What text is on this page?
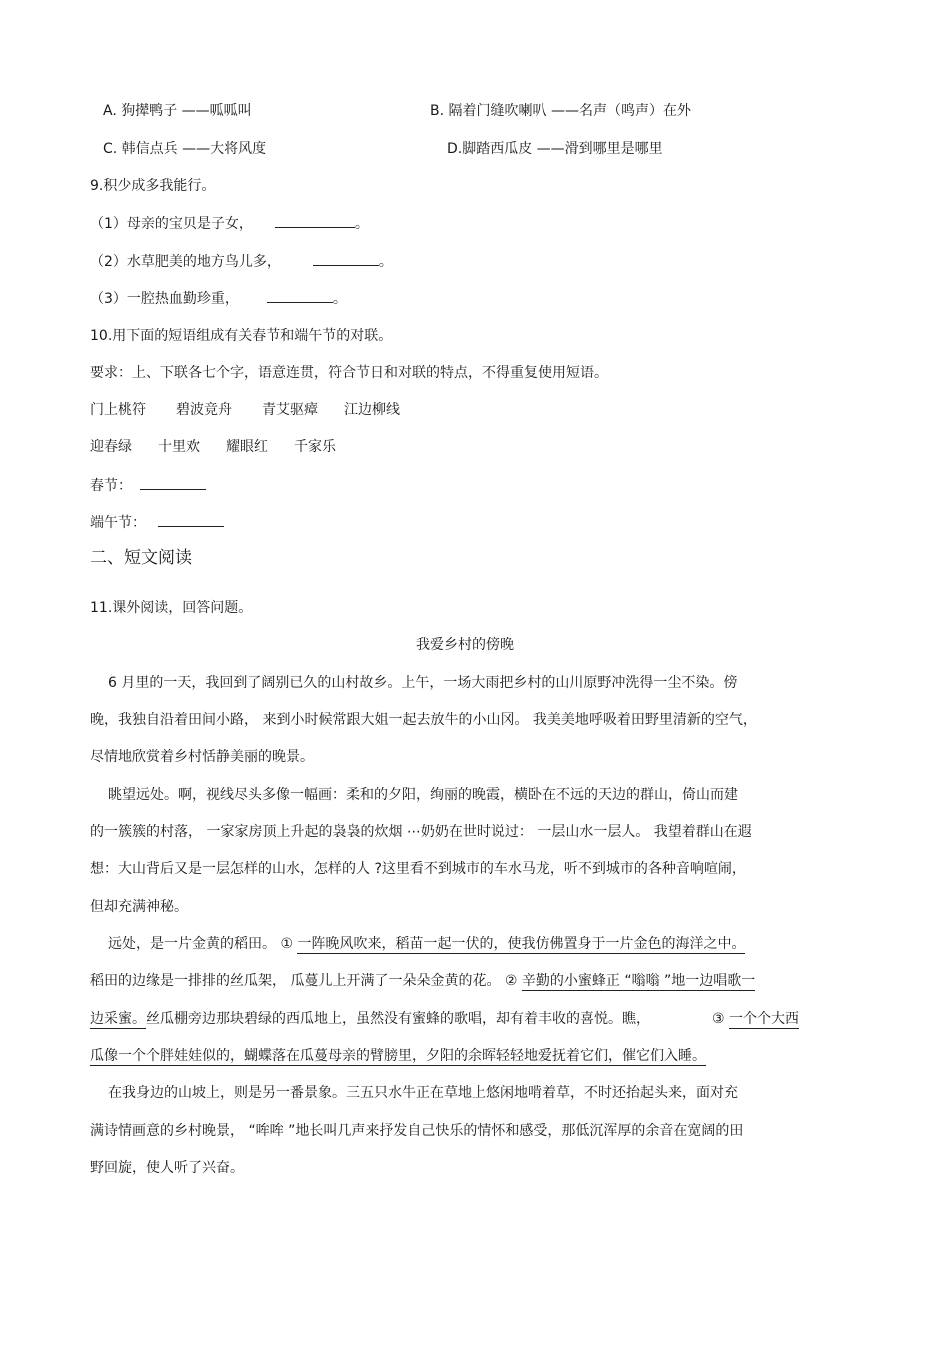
A. 狗撵鸭子 ——呱呱叫	B. 隔着门缝吹喇叭 ——名声（鸣声）在外
C. 韩信点兵 ——大将风度	D.脚踏西瓜皮 ——滑到哪里是哪里
9.积少成多我能行。
（1）母亲的宝贝是子女，	。
（2）水草肥美的地方鸟儿多，	。
（3）一腔热血勤珍重，	。
10.用下面的短语组成有关春节和端午节的对联。
要求：上、下联各七个字，语意连贯，符合节日和对联的特点，不得重复使用短语。
门上桃符 碧波竞舟 青艾驱瘴 江边柳线
迎春绿 十里欢 耀眼红 千家乐
春节：
端午节：
二、短文阅读
11.课外阅读，回答问题。
我爱乡村的傍晚
6 月里的一天，我回到了阔别已久的山村故乡。上午，一场大雨把乡村的山川原野冲洗得一尘不染。傍
晚，我独自沿着田间小路， 来到小时候常跟大姐一起去放牛的小山冈。 我美美地呼吸着田野里清新的空气，
尽情地欣赏着乡村恬静美丽的晚景。
眺望远处。啊，视线尽头多像一幅画：柔和的夕阳，绚丽的晚霞，横卧在不远的天边的群山，倚山而建
的一簇簇的村落， 一家家房顶上升起的袅袅的炊烟 ⋯奶奶在世时说过： 一层山水一层人。 我望着群山在遐
想：大山背后又是一层怎样的山水，怎样的人 ?这里看不到城市的车水马龙，听不到城市的各种音响喧闹，
但却充满神秘。
远处，是一片金黄的稻田。 ① 一阵晚风吹来，稻苗一起一伏的，使我仿佛置身于一片金色的海洋之中。
稻田的边缘是一排排的丝瓜架， 瓜蔓儿上开满了一朵朵金黄的花。 ② 辛勤的小蜜蜂正 “嗡嗡 ”地一边唱歌一
边采蜜。丝瓜棚旁边那块碧绿的西瓜地上，虽然没有蜜蜂的歌唱，却有着丰收的喜悦。瞧，	③ 一个个大西
瓜像一个个胖娃娃似的，蝴蝶落在瓜蔓母亲的臂膀里，夕阳的余晖轻轻地爱抚着它们，催它们入睡。
在我身边的山坡上，则是另一番景象。三五只水牛正在草地上悠闲地啃着草，不时还抬起头来，面对充
满诗情画意的乡村晚景， “哞哞 ”地长叫几声来抒发自己快乐的情怀和感受，那低沉浑厚的余音在宽阔的田
野回旋，使人听了兴奋。
